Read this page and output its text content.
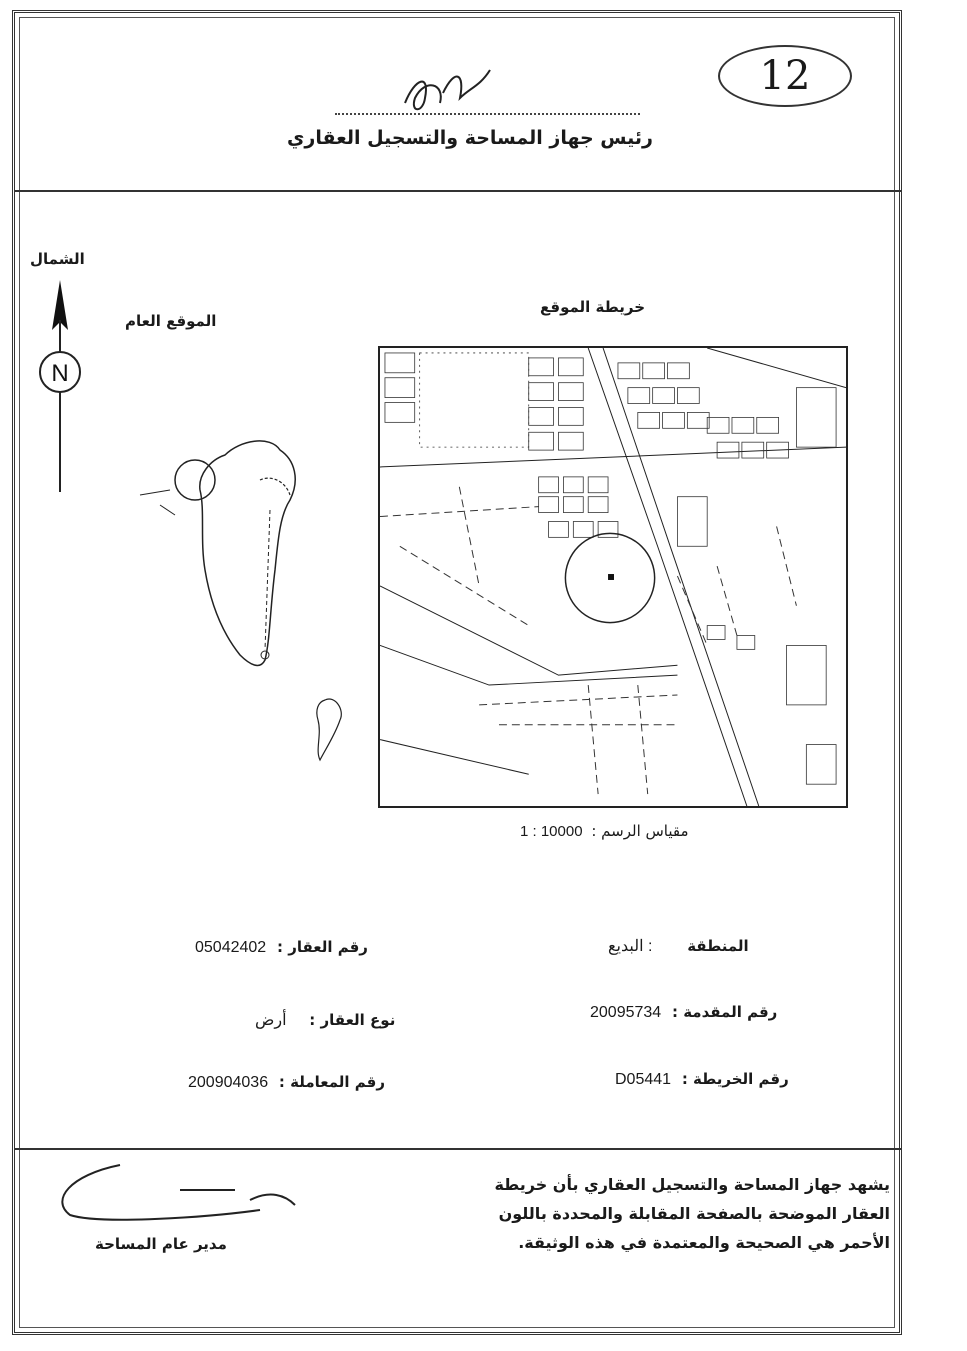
12
رئيس جهاز المساحة والتسجيل العقاري
الشمال
N
الموقع العام
خريطة الموقع
مقياس الرسم : 1 : 10000
رقم العقار : 05042402	المنطقة : البديع
نوع العقار : أرض	رقم المقدمة : 20095734
رقم المعاملة : 200904036	رقم الخريطة : D05441
يشهد جهاز المساحة والتسجيل العقاري بأن خريطة
العقار الموضحة بالصفحة المقابلة والمحددة باللون
الأحمر هي الصحيحة والمعتمدة في هذه الوثيقة.
مدير عام المساحة
